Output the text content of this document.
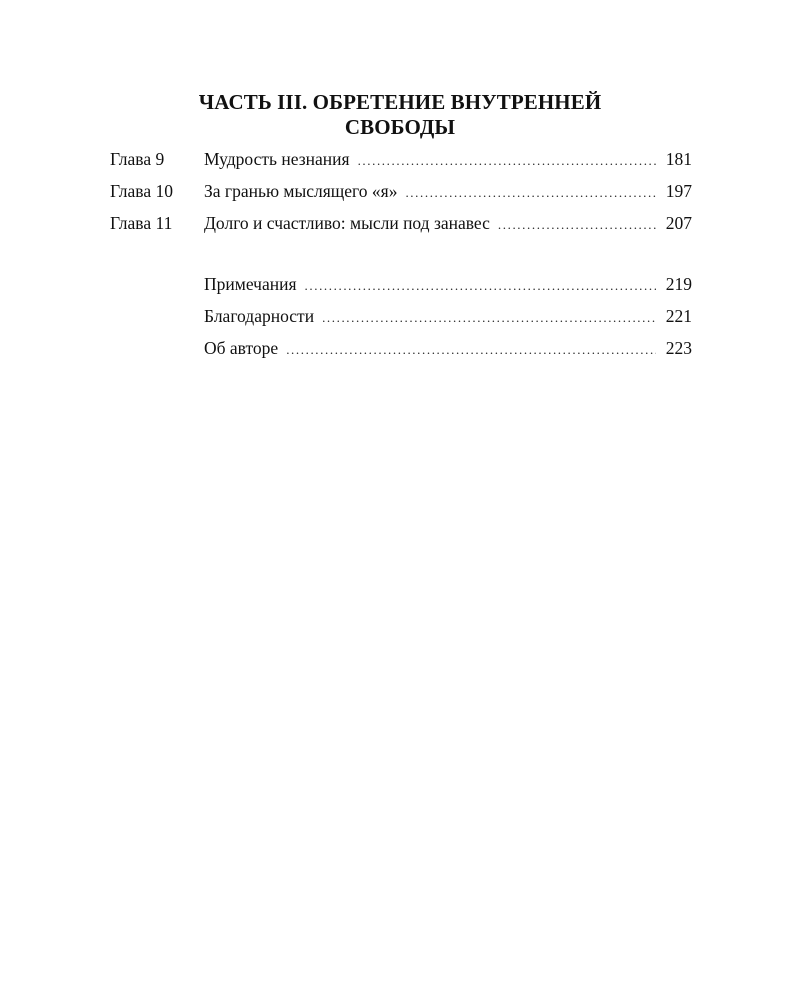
ЧАСТЬ III. ОБРЕТЕНИЕ ВНУТРЕННЕЙ
СВОБОДЫ
Глава 9	Мудрость незнания .....	181
Глава 10	За гранью мыслящего «я» .....	197
Глава 11	Долго и счастливо: мысли под занавес .....	207
Примечания .....	219
Благодарности .....	221
Об авторе .....	223
